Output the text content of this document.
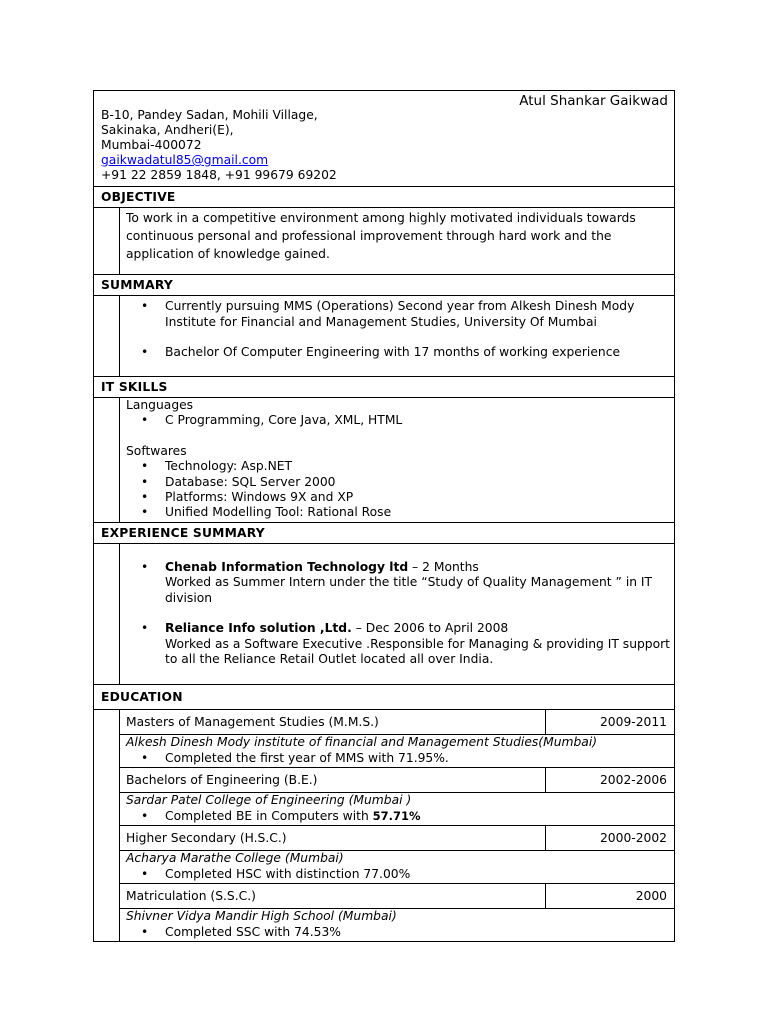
Atul Shankar Gaikwad
B-10, Pandey Sadan, Mohili Village,
Sakinaka, Andheri(E),
Mumbai-400072
gaikwadatul85@gmail.com
+91 22 2859 1848, +91 99679 69202
OBJECTIVE
To work in a competitive environment among highly motivated individuals towards continuous personal and professional improvement through hard work and the application of knowledge gained.
SUMMARY
• Currently pursuing MMS (Operations) Second year from Alkesh Dinesh Mody Institute for Financial and Management Studies, University Of Mumbai
• Bachelor Of Computer Engineering with 17 months of working experience
IT SKILLS
Languages
• C Programming, Core Java, XML, HTML
Softwares
• Technology: Asp.NET
• Database: SQL Server 2000
• Platforms: Windows 9X and XP
• Unified Modelling Tool: Rational Rose
EXPERIENCE SUMMARY
• Chenab Information Technology ltd – 2 Months
Worked as Summer Intern under the title “Study of Quality Management ” in IT division
• Reliance Info solution ,Ltd. – Dec 2006 to April 2008
Worked as a Software Executive .Responsible for Managing & providing IT support to all the Reliance Retail Outlet located all over India.
EDUCATION
Masters of Management Studies (M.M.S.)	2009-2011
Alkesh Dinesh Mody institute of financial and Management Studies(Mumbai)
• Completed the first year of MMS with 71.95%.
Bachelors of Engineering (B.E.)	2002-2006
Sardar Patel College of Engineering (Mumbai )
• Completed BE in Computers with 57.71%
Higher Secondary (H.S.C.)	2000-2002
Acharya Marathe College (Mumbai)
• Completed HSC with distinction 77.00%
Matriculation (S.S.C.)	2000
Shivner Vidya Mandir High School (Mumbai)
• Completed SSC with 74.53%
